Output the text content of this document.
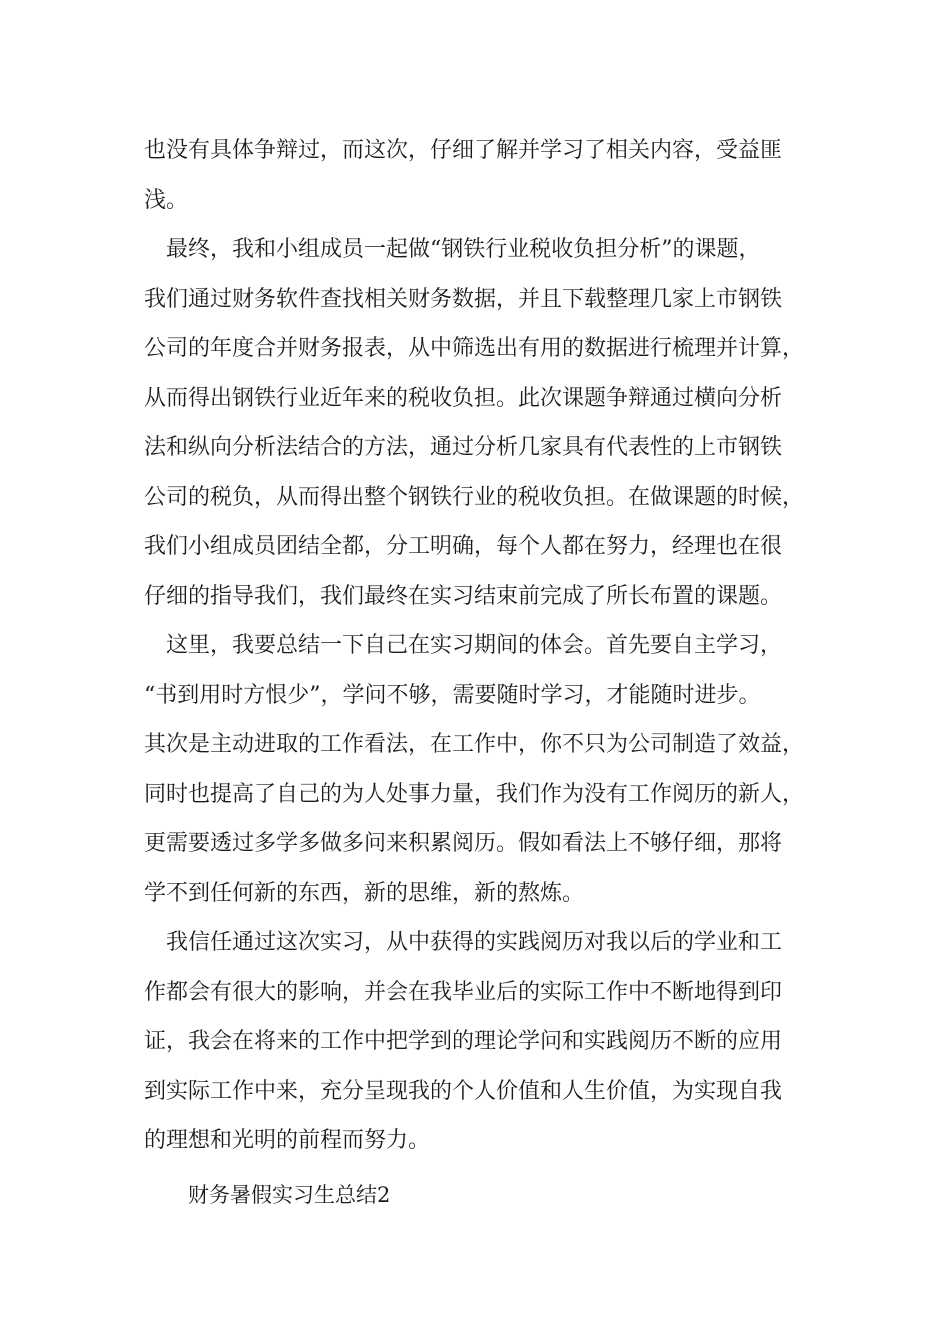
也没有具体争辩过，而这次，仔细了解并学习了相关内容，受益匪
浅。
最终，我和小组成员一起做“钢铁行业税收负担分析”的课题，
我们通过财务软件查找相关财务数据，并且下载整理几家上市钢铁
公司的年度合并财务报表，从中筛选出有用的数据进行梳理并计算，
从而得出钢铁行业近年来的税收负担。此次课题争辩通过横向分析
法和纵向分析法结合的方法，通过分析几家具有代表性的上市钢铁
公司的税负，从而得出整个钢铁行业的税收负担。在做课题的时候，
我们小组成员团结全都，分工明确，每个人都在努力，经理也在很
仔细的指导我们，我们最终在实习结束前完成了所长布置的课题。
这里，我要总结一下自己在实习期间的体会。首先要自主学习，
“书到用时方恨少”，学问不够，需要随时学习，才能随时进步。
其次是主动进取的工作看法，在工作中，你不只为公司制造了效益，
同时也提高了自己的为人处事力量，我们作为没有工作阅历的新人，
更需要透过多学多做多问来积累阅历。假如看法上不够仔细，那将
学不到任何新的东西，新的思维，新的熬炼。
我信任通过这次实习，从中获得的实践阅历对我以后的学业和工
作都会有很大的影响，并会在我毕业后的实际工作中不断地得到印
证，我会在将来的工作中把学到的理论学问和实践阅历不断的应用
到实际工作中来，充分呈现我的个人价值和人生价值，为实现自我
的理想和光明的前程而努力。
财务暑假实习生总结2
